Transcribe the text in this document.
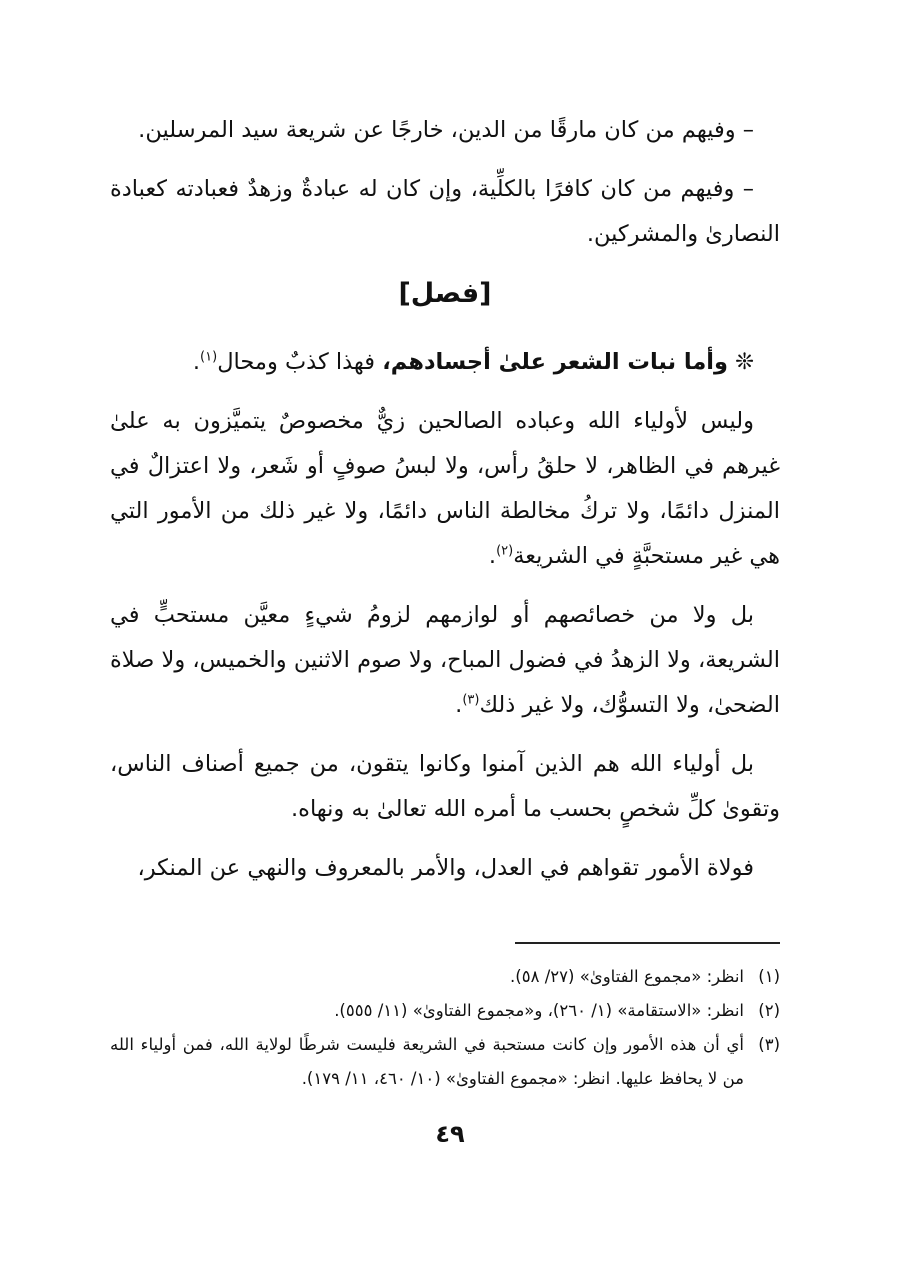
– وفيهم من كان مارقًا من الدين، خارجًا عن شريعة سيد المرسلين.

– وفيهم من كان كافرًا بالكلِّية، وإن كان له عبادةٌ وزهدٌ فعبادته كعبادة النصارىٰ والمشركين.

[فصل]

❊ وأما نبات الشعر علىٰ أجسادهم، فهذا كذبٌ ومحال$^{(١)}$.

وليس لأولياء الله وعباده الصالحين زيٌّ مخصوصٌ يتميَّزون به علىٰ غيرهم في الظاهر، لا حلقُ رأس، ولا لبسُ صوفٍ أو شَعر، ولا اعتزالٌ في المنزل دائمًا، ولا تركُ مخالطة الناس دائمًا، ولا غير ذلك من الأمور التي هي غير مستحبَّةٍ في الشريعة$^{(٢)}$.

بل ولا من خصائصهم أو لوازمهم لزومُ شيءٍ معيَّن مستحبٍّ في الشريعة، ولا الزهدُ في فضول المباح، ولا صوم الاثنين والخميس، ولا صلاة الضحىٰ، ولا التسوُّك، ولا غير ذلك$^{(٣)}$.

بل أولياء الله هم الذين آمنوا وكانوا يتقون، من جميع أصناف الناس، وتقوىٰ كلِّ شخصٍ بحسب ما أمره الله تعالىٰ به ونهاه.

فولاة الأمور تقواهم في العدل، والأمر بالمعروف والنهي عن المنكر،

(١)
انظر: «مجموع الفتاوىٰ» (٢٧/ ٥٨).
(٢)
انظر: «الاستقامة» (١/ ٢٦٠)، و«مجموع الفتاوىٰ» (١١/ ٥٥٥).
(٣)
أي أن هذه الأمور وإن كانت مستحبة في الشريعة فليست شرطًا لولاية الله، فمن أولياء الله من لا يحافظ عليها. انظر: «مجموع الفتاوىٰ» (١٠/ ٤٦٠، ١١/ ١٧٩).
٤٩
